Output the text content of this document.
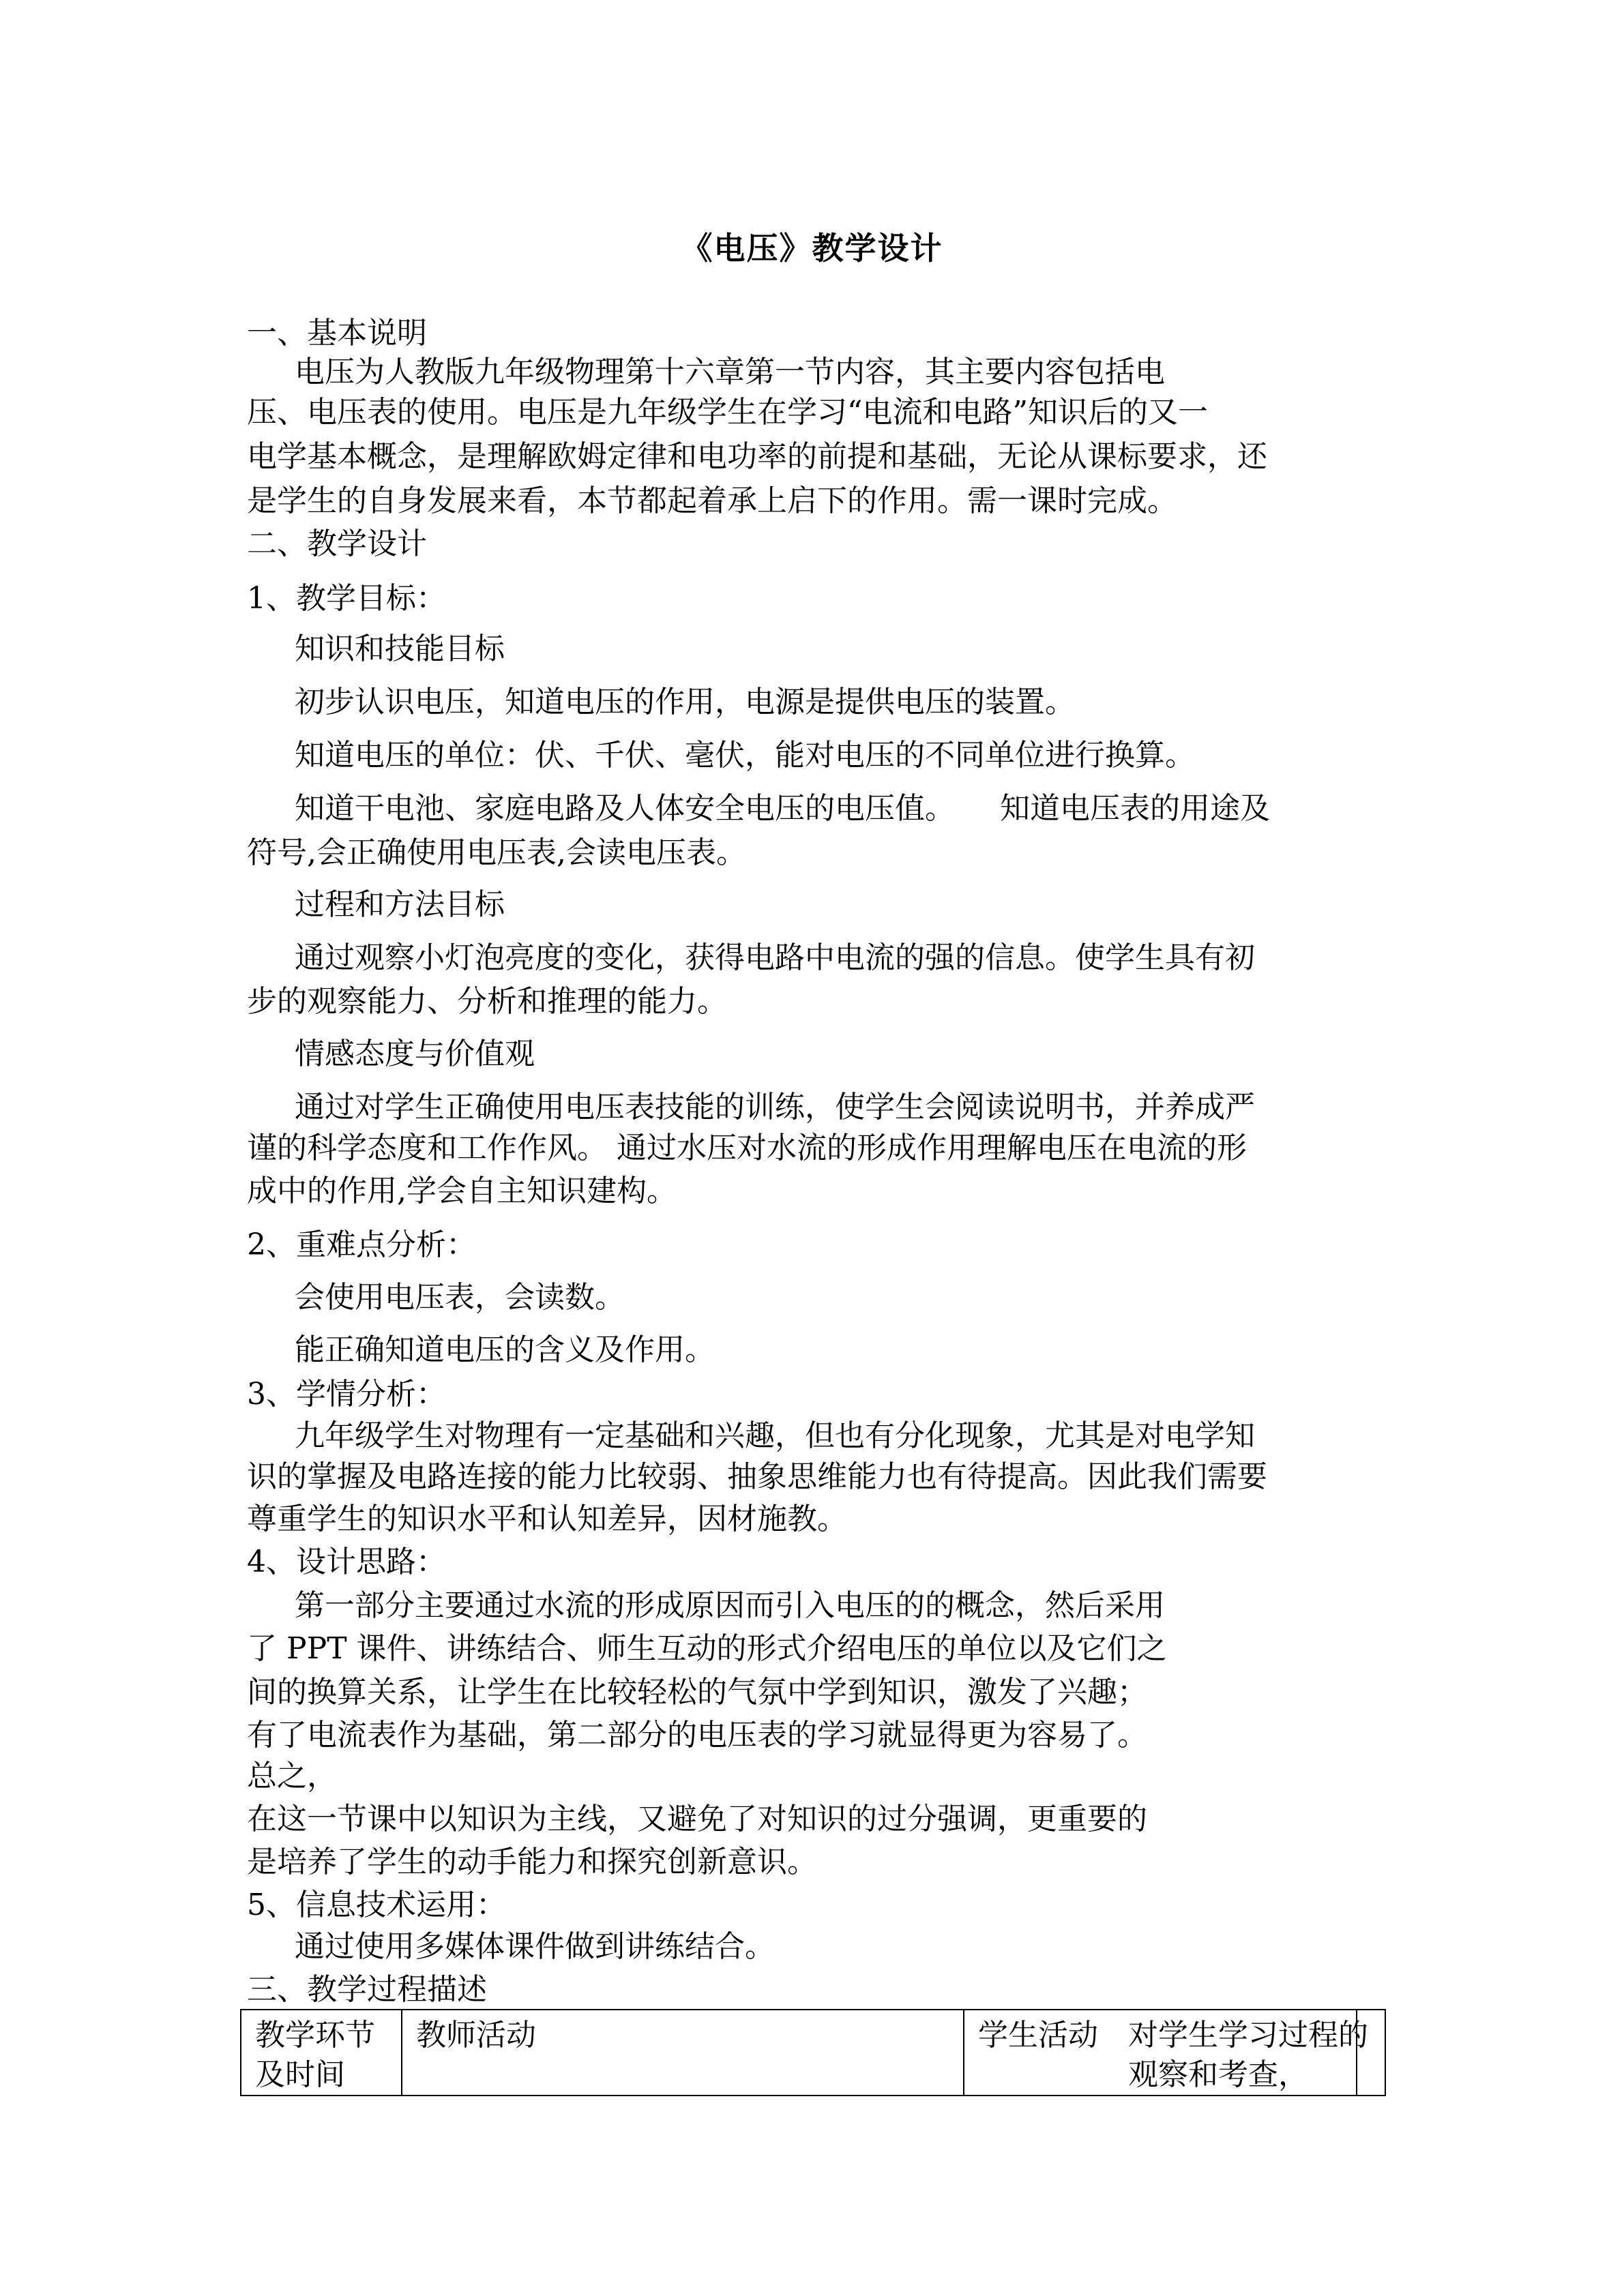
《电压》教学设计
一、基本说明
电压为人教版九年级物理第十六章第一节内容，其主要内容包括电
压、电压表的使用。电压是九年级学生在学习“电流和电路”知识后的又一
电学基本概念，是理解欧姆定律和电功率的前提和基础，无论从课标要求，还
是学生的自身发展来看，本节都起着承上启下的作用。需一课时完成。
二、教学设计
1、教学目标：
知识和技能目标
初步认识电压，知道电压的作用，电源是提供电压的装置。
知道电压的单位：伏、千伏、毫伏，能对电压的不同单位进行换算。
知道干电池、家庭电路及人体安全电压的电压值。　　知道电压表的用途及
符号,会正确使用电压表,会读电压表。
过程和方法目标
通过观察小灯泡亮度的变化，获得电路中电流的强的信息。使学生具有初
步的观察能力、分析和推理的能力。
情感态度与价值观
通过对学生正确使用电压表技能的训练，使学生会阅读说明书，并养成严
谨的科学态度和工作作风。 通过水压对水流的形成作用理解电压在电流的形
成中的作用,学会自主知识建构。
2、重难点分析：
会使用电压表，会读数。
能正确知道电压的含义及作用。
3、学情分析：
九年级学生对物理有一定基础和兴趣，但也有分化现象，尤其是对电学知
识的掌握及电路连接的能力比较弱、抽象思维能力也有待提高。因此我们需要
尊重学生的知识水平和认知差异，因材施教。
4、设计思路：
第一部分主要通过水流的形成原因而引入电压的的概念，然后采用
了 PPT 课件、讲练结合、师生互动的形式介绍电压的单位以及它们之
间的换算关系，让学生在比较轻松的气氛中学到知识，激发了兴趣；
有了电流表作为基础，第二部分的电压表的学习就显得更为容易了。
总之，
在这一节课中以知识为主线，又避免了对知识的过分强调，更重要的
是培养了学生的动手能力和探究创新意识。
5、信息技术运用：
通过使用多媒体课件做到讲练结合。
三、教学过程描述
教学环节及时间
教师活动	学生活动	对学生学习过程的观察和考查，
